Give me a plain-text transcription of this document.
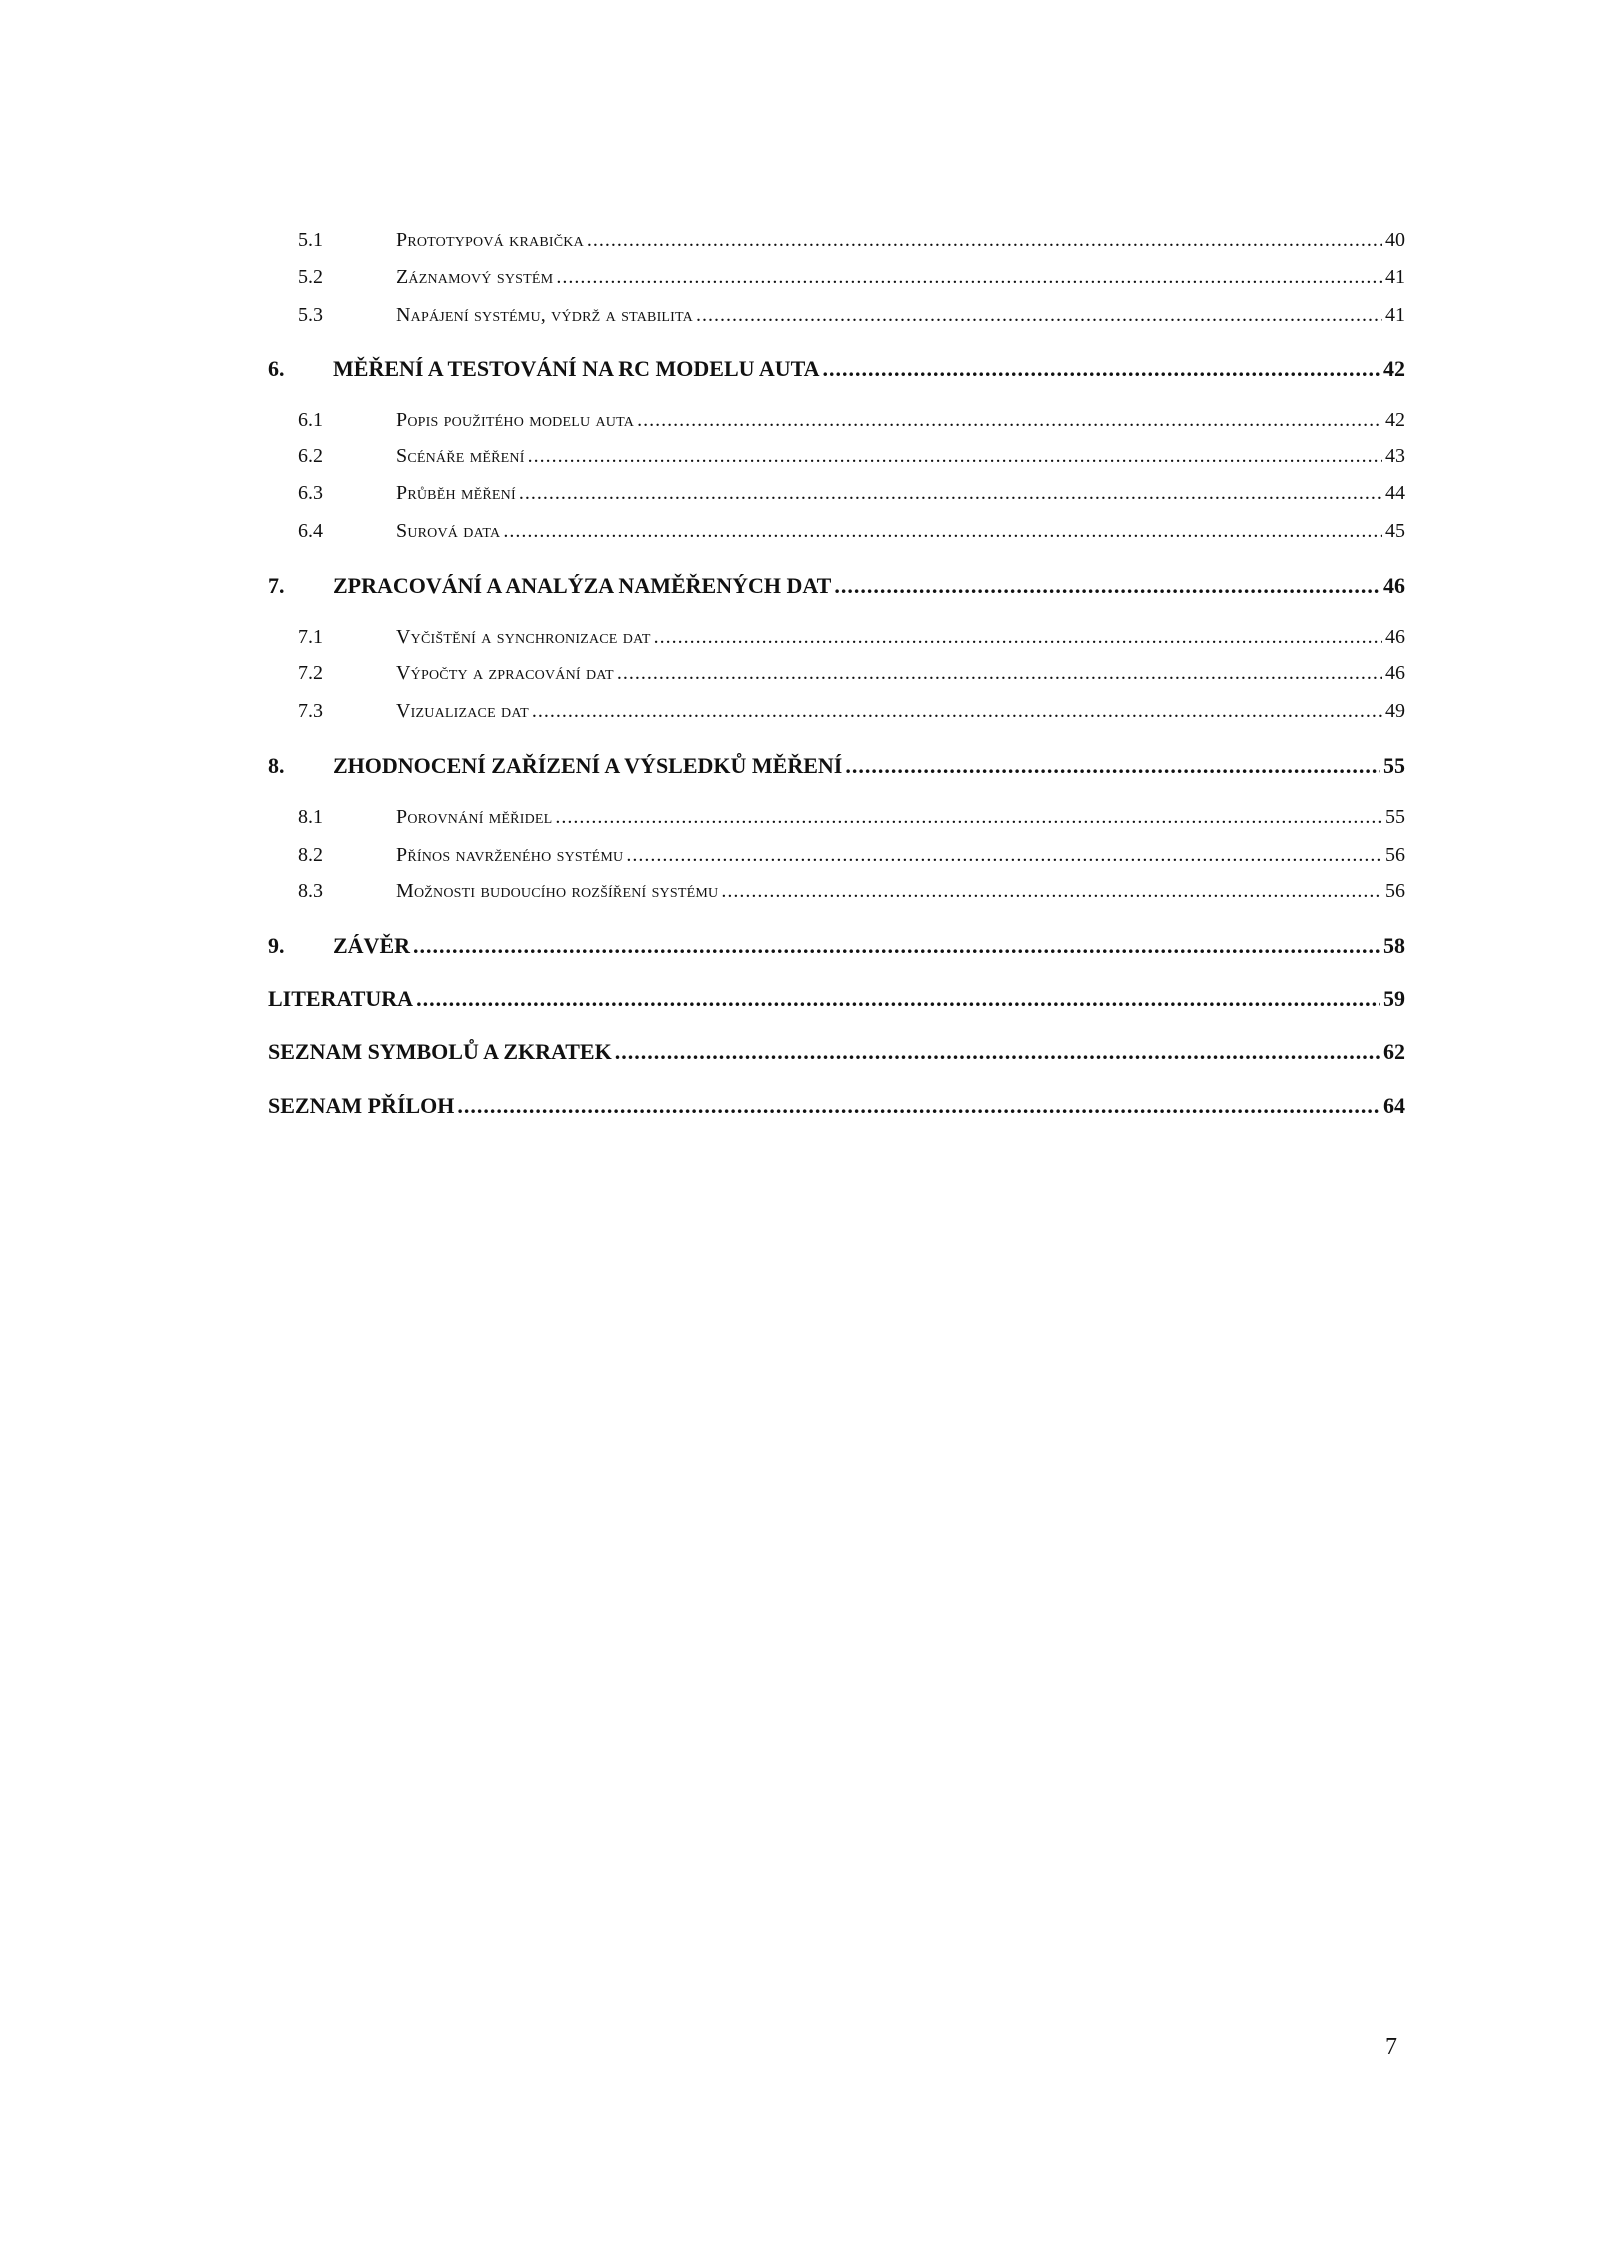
5.1	Prototypová krabička .....	40
5.2	Záznamový systém .....	41
5.3	Napájení systému, výdrž a stabilita .....	41
6.	MĚŘENÍ A TESTOVÁNÍ NA RC MODELU AUTA .....	42
6.1	Popis použitého modelu auta .....	42
6.2	Scénáře měření .....	43
6.3	Průběh měření .....	44
6.4	Surová data .....	45
7.	ZPRACOVÁNÍ A ANALÝZA NAMĚŘENÝCH DAT .....	46
7.1	Vyčištění a synchronizace dat .....	46
7.2	Výpočty a zpracování dat .....	46
7.3	Vizualizace dat .....	49
8.	ZHODNOCENÍ ZAŘÍZENÍ A VÝSLEDKŮ MĚŘENÍ .....	55
8.1	Porovnání měřidel .....	55
8.2	Přínos navrženého systému .....	56
8.3	Možnosti budoucího rozšíření systému .....	56
9.	ZÁVĚR .....	58
LITERATURA .....	59
SEZNAM SYMBOLŮ A ZKRATEK .....	62
SEZNAM PŘÍLOH .....	64
7
